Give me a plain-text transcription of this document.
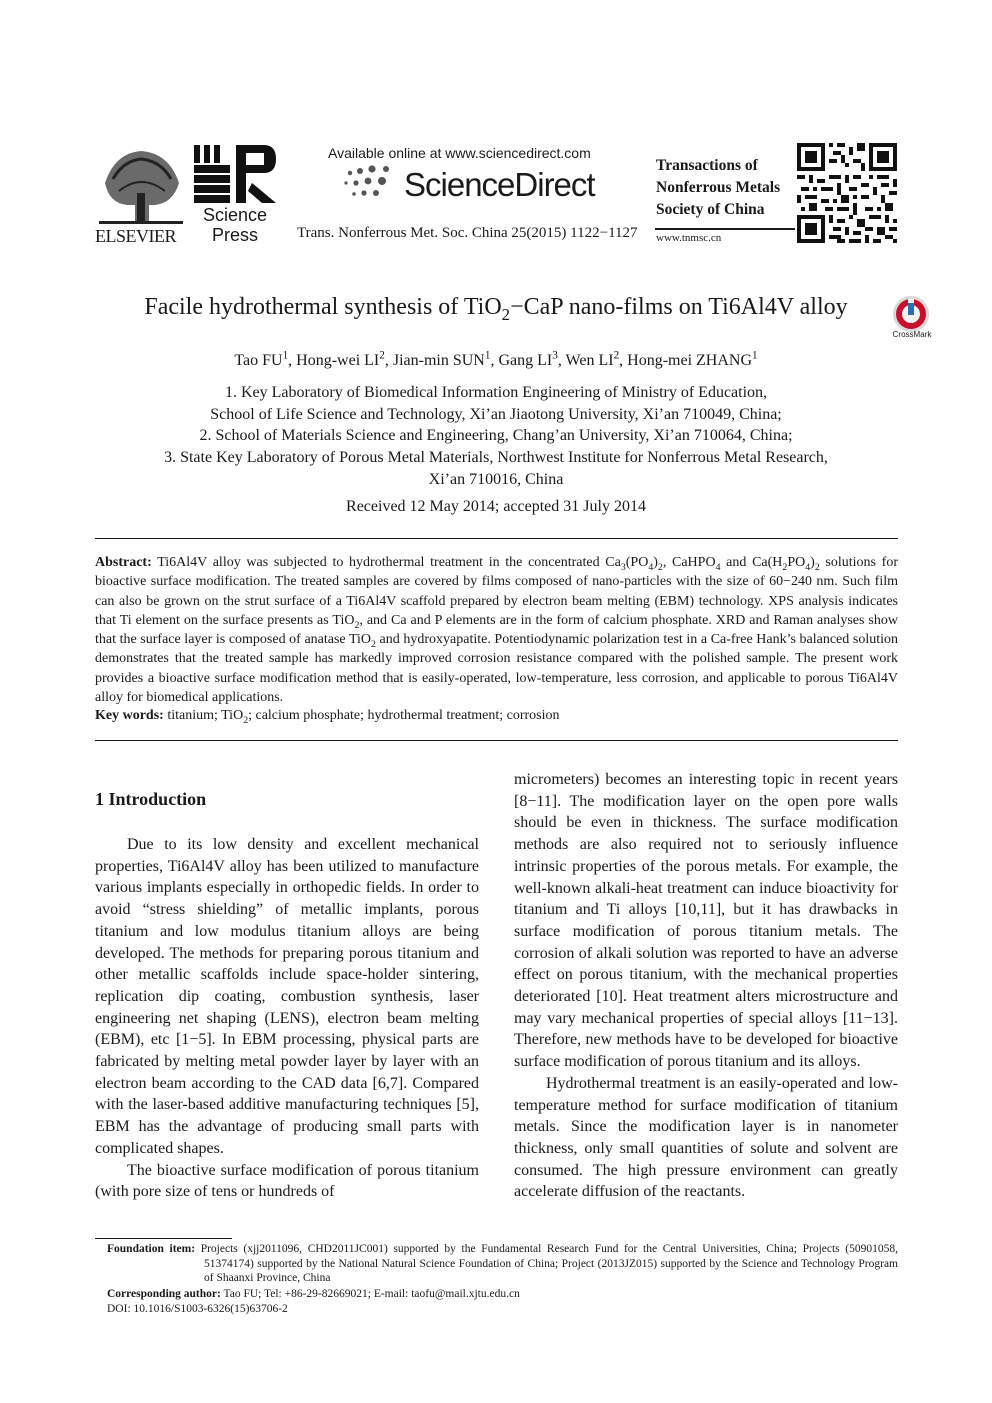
ELSEVIER
Science
Press
Available online at www.sciencedirect.com
ScienceDirect
Trans. Nonferrous Met. Soc. China 25(2015) 1122−1127
Transactions of
Nonferrous Metals
Society of China
www.tnmsc.cn
Facile hydrothermal synthesis of TiO$_2$−CaP nano-films on Ti6Al4V alloy
CrossMark
Tao $FU^1$, Hong-wei $LI^2$, Jian-min SUN$^1$, Gang $LI^3$, Wen $LI^2$, Hong-mei ZHANG$^1$
1. Key Laboratory of Biomedical Information Engineering of Ministry of Education,
School of Life Science and Technology, Xi’an Jiaotong University, Xi’an 710049, China;
2. School of Materials Science and Engineering, Chang’an University, Xi’an 710064, China;
3. State Key Laboratory of Porous Metal Materials, Northwest Institute for Nonferrous Metal Research,
Xi’an 710016, China
Received 12 May 2014; accepted 31 July 2014
Abstract: Ti6Al4V alloy was subjected to hydrothermal treatment in the concentrated $Ca_3(PO_4)_2$, CaHPO$_4$ and $Ca(H_2PO_4)_2$ solutions for bioactive surface modification. The treated samples are covered by films composed of nano-particles with the size of 60−240 nm. Such film can also be grown on the strut surface of a Ti6Al4V scaffold prepared by electron beam melting (EBM) technology. XPS analysis indicates that Ti element on the surface presents as TiO$_2$, and Ca and P elements are in the form of calcium phosphate. XRD and Raman analyses show that the surface layer is composed of anatase TiO$_2$ and hydroxyapatite. Potentiodynamic polarization test in a Ca-free Hank’s balanced solution demonstrates that the treated sample has markedly improved corrosion resistance compared with the polished sample. The present work provides a bioactive surface modification method that is easily-operated, low-temperature, less corrosion, and applicable to porous Ti6Al4V alloy for biomedical applications.
Key words: titanium; TiO$_2$; calcium phosphate; hydrothermal treatment; corrosion
1 Introduction

Due to its low density and excellent mechanical properties, Ti6Al4V alloy has been utilized to manufacture various implants especially in orthopedic fields. In order to avoid “stress shielding” of metallic implants, porous titanium and low modulus titanium alloys are being developed. The methods for preparing porous titanium and other metallic scaffolds include space-holder sintering, replication dip coating, combustion synthesis, laser engineering net shaping (LENS), electron beam melting (EBM), etc [1−5]. In EBM processing, physical parts are fabricated by melting metal powder layer by layer with an electron beam according to the CAD data [6,7]. Compared with the laser-based additive manufacturing techniques [5], EBM has the advantage of producing small parts with complicated shapes.

The bioactive surface modification of porous titanium (with pore size of tens or hundreds of

micrometers) becomes an interesting topic in recent years [8−11]. The modification layer on the open pore walls should be even in thickness. The surface modification methods are also required not to seriously influence intrinsic properties of the porous metals. For example, the well-known alkali-heat treatment can induce bioactivity for titanium and Ti alloys [10,11], but it has drawbacks in surface modification of porous titanium metals. The corrosion of alkali solution was reported to have an adverse effect on porous titanium, with the mechanical properties deteriorated [10]. Heat treatment alters microstructure and may vary mechanical properties of special alloys [11−13]. Therefore, new methods have to be developed for bioactive surface modification of porous titanium and its alloys.

Hydrothermal treatment is an easily-operated and low-temperature method for surface modification of titanium metals. Since the modification layer is in nanometer thickness, only small quantities of solute and solvent are consumed. The high pressure environment can greatly accelerate diffusion of the reactants.

Foundation item: Projects (xjj2011096, CHD2011JC001) supported by the Fundamental Research Fund for the Central Universities, China; Projects (50901058, 51374174) supported by the National Natural Science Foundation of China; Project (2013JZ015) supported by the Science and Technology Program of Shaanxi Province, China
Corresponding author: Tao FU; Tel: +86-29-82669021; E-mail: taofu@mail.xjtu.edu.cn
DOI: 10.1016/S1003-6326(15)63706-2
